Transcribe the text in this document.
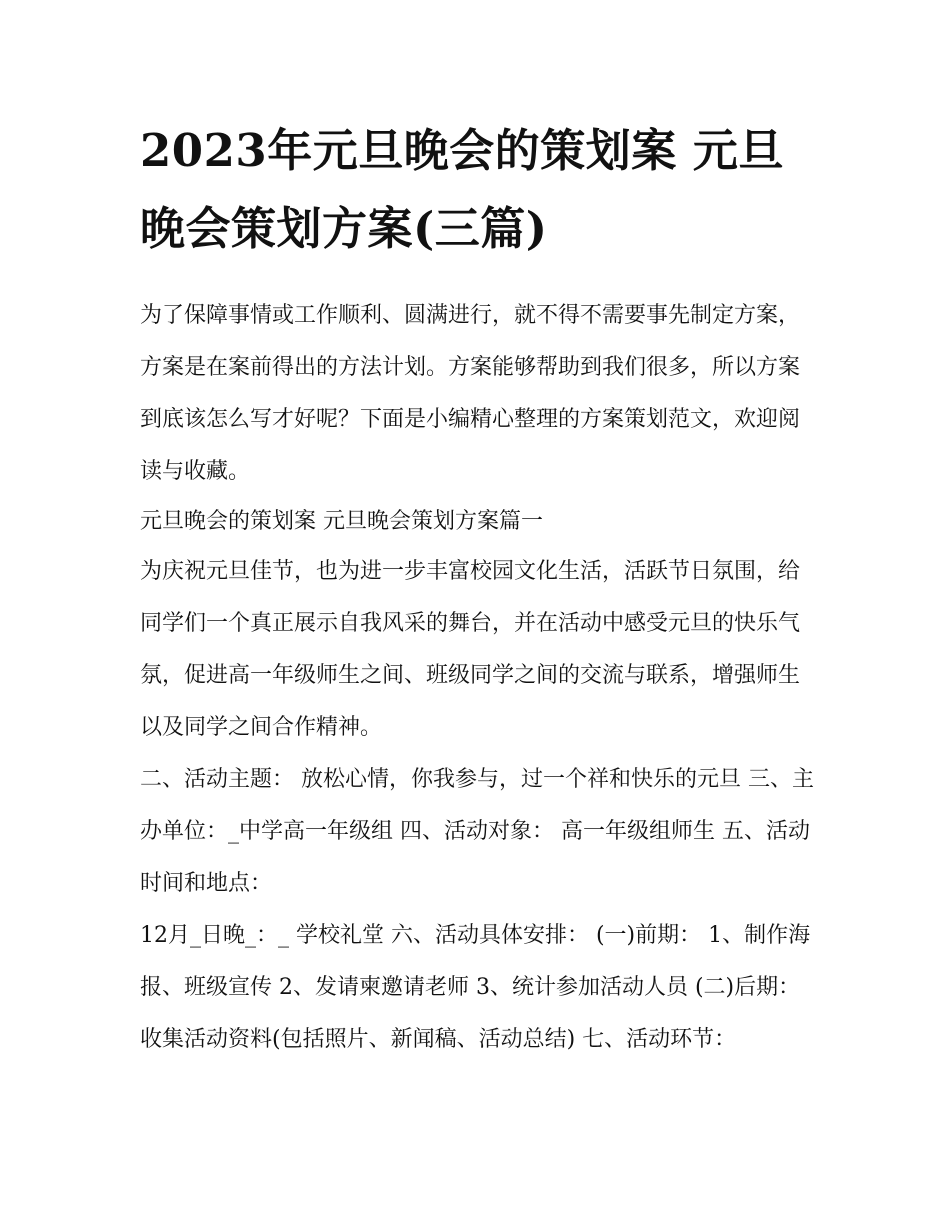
2023年元旦晚会的策划案 元旦晚会策划方案(三篇)

为了保障事情或工作顺利、圆满进行，就不得不需要事先制定方案，方案是在案前得出的方法计划。方案能够帮助到我们很多，所以方案到底该怎么写才好呢？下面是小编精心整理的方案策划范文，欢迎阅读与收藏。

元旦晚会的策划案 元旦晚会策划方案篇一

为庆祝元旦佳节，也为进一步丰富校园文化生活，活跃节日氛围，给同学们一个真正展示自我风采的舞台，并在活动中感受元旦的快乐气氛，促进高一年级师生之间、班级同学之间的交流与联系，增强师生以及同学之间合作精神。

二、活动主题： 放松心情，你我参与，过一个祥和快乐的元旦 三、主办单位：_中学高一年级组 四、活动对象： 高一年级组师生 五、活动时间和地点：

12月_日晚_：_ 学校礼堂 六、活动具体安排： (一)前期： 1、制作海报、班级宣传 2、发请柬邀请老师 3、统计参加活动人员 (二)后期：

收集活动资料(包括照片、新闻稿、活动总结) 七、活动环节：
